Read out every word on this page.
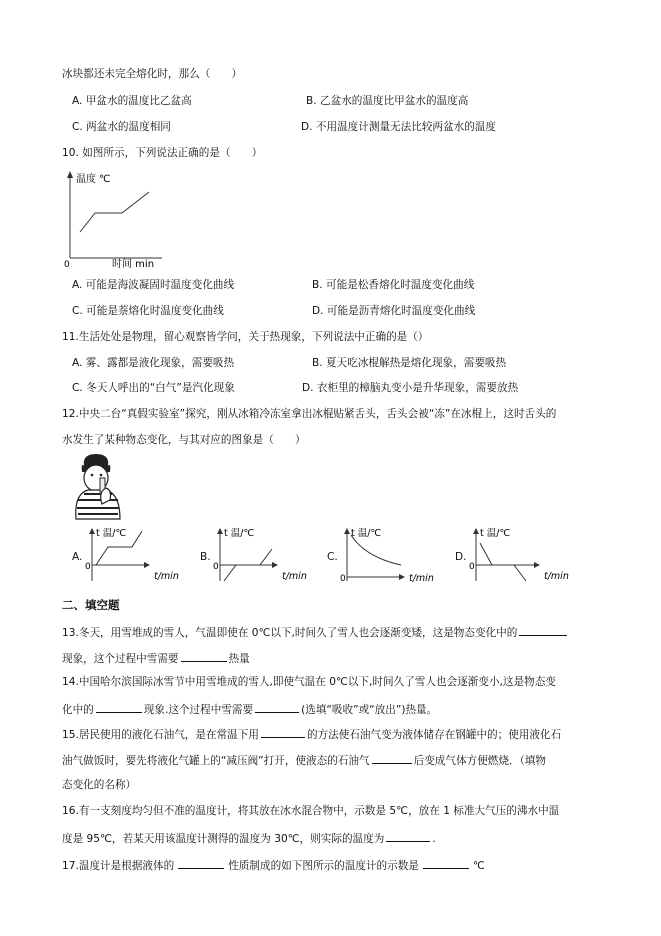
冰块都还未完全熔化时，那么（　　）
A. 甲盆水的温度比乙盆高	B. 乙盆水的温度比甲盆水的温度高
C. 两盆水的温度相同	D. 不用温度计测量无法比较两盆水的温度
10. 如图所示，下列说法正确的是（　　）
温度 ℃
时间 min
0
A. 可能是海波凝固时温度变化曲线	B. 可能是松香熔化时温度变化曲线
C. 可能是萘熔化时温度变化曲线	D. 可能是沥青熔化时温度变化曲线
11.生活处处是物理，留心观察皆学问，关于热现象，下列说法中正确的是（）
A. 雾、露都是液化现象，需要吸热	B. 夏天吃冰棍解热是熔化现象，需要吸热
C. 冬天人呼出的“白气”是汽化现象	D. 衣柜里的樟脑丸变小是升华现象，需要放热
12.中央二台“真假实验室”探究，刚从冰箱冷冻室拿出冰棍贴紧舌头，舌头会被“冻”在冰棍上，这时舌头的
水发生了某种物态变化，与其对应的图象是（　　）
A.
t 温/℃
0
t/min
B.
t 温/℃
0
t/min
C.
t 温/℃
0	t/min
D.
t 温/℃
0
t/min
二、填空题
13.冬天，用雪堆成的雪人，气温即使在 0℃以下,时间久了雪人也会逐渐变矮，这是物态变化中的
现象，这个过程中雪需要	热量
14.中国哈尔滨国际冰雪节中用雪堆成的雪人,即使气温在 0℃以下,时间久了雪人也会逐渐变小,这是物态变
化中的	现象.这个过程中雪需要	(选填“吸收”或“放出”)热量。
15.居民使用的液化石油气，是在常温下用	的方法使石油气变为液体储存在钢罐中的；使用液化石
油气做饭时，要先将液化气罐上的“减压阀”打开，使液态的石油气	后变成气体方便燃烧．（填物
态变化的名称）
16.有一支刻度均匀但不准的温度计，将其放在冰水混合物中，示数是 5℃，放在 1 标准大气压的沸水中温
度是 95℃，若某天用该温度计测得的温度为 30℃，则实际的温度为	.
17.温度计是根据液体的	性质制成的如下图所示的温度计的示数是	℃
